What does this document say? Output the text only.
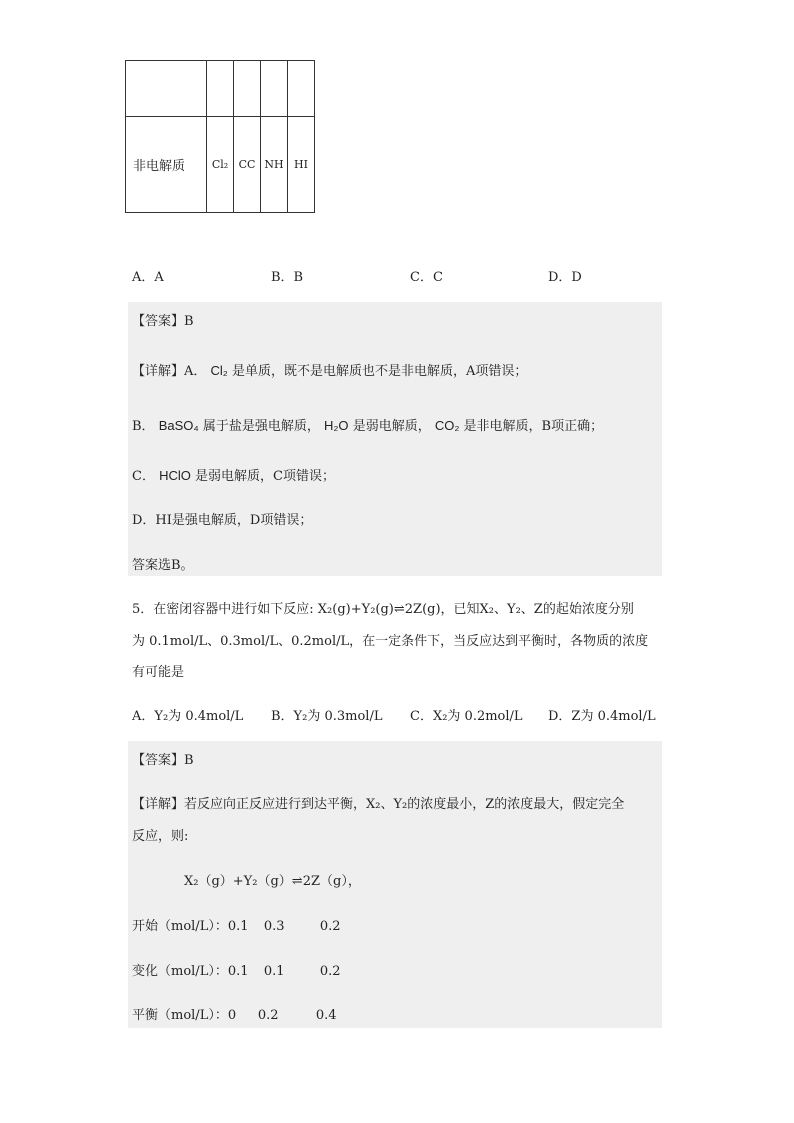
非电解质	Cl₂	CC	NH	HI
A．A	B．B	C．C	D．D
【答案】B
【详解】A． Cl₂ 是单质，既不是电解质也不是非电解质，A项错误；
B． BaSO₄ 属于盐是强电解质， H₂O 是弱电解质， CO₂ 是非电解质，B项正确；
C． HClO 是弱电解质，C项错误；
D．HI是强电解质，D项错误；
答案选B。
5．在密闭容器中进行如下反应: X₂(g)+Y₂(g)⇌2Z(g)，已知X₂、Y₂、Z的起始浓度分别
为 0.1mol/L、0.3mol/L、0.2mol/L，在一定条件下，当反应达到平衡时，各物质的浓度
有可能是
A．Y₂为 0.4mol/L B．Y₂为 0.3mol/L C．X₂为 0.2mol/L D．Z为 0.4mol/L
【答案】B
【详解】若反应向正反应进行到达平衡，X₂、Y₂的浓度最小，Z的浓度最大，假定完全
反应，则:
X₂（g）+Y₂（g）⇌2Z（g），
开始（mol/L）：0.1 0.3	0.2
变化（mol/L）：0.1 0.1	0.2
平衡（mol/L）：0 0.2	0.4
